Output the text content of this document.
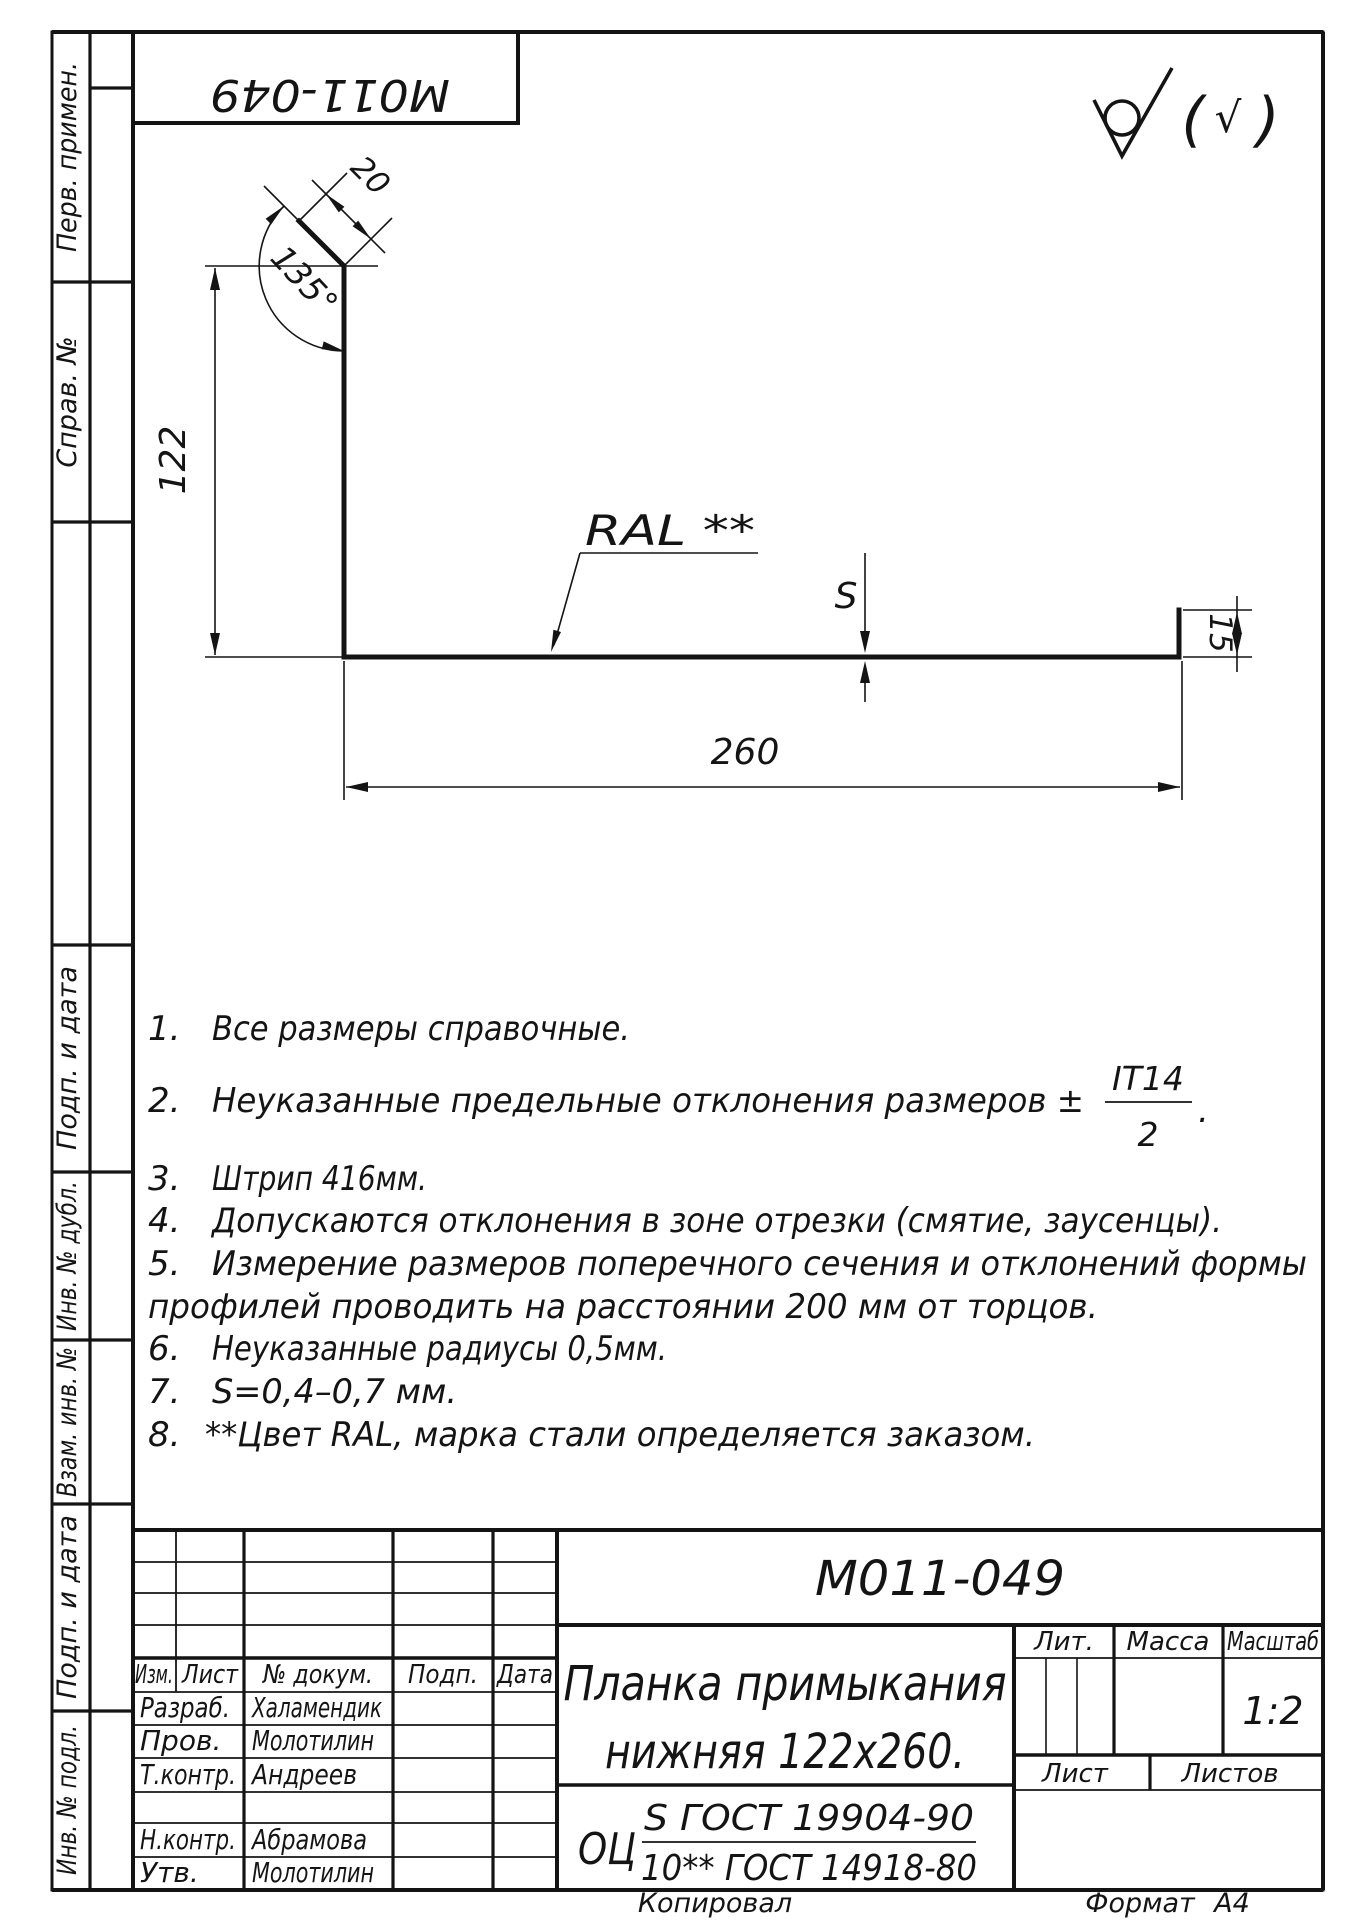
Перв. примен.
Справ. №
Подп. и дата
Инв. № дубл.
Взам. инв. №
Подп. и дата
Инв. № подл.
М011-049	( √ )
122
20
135°
S
15
260
RAL **
1. Все размеры справочные.
2. Неуказанные предельные отклонения размеров ±
IT14
2
.
3. Штрип 416мм.
4. Допускаются отклонения в зоне отрезки (смятие, заусенцы).
5. Измерение размеров поперечного сечения и отклонений формы
профилей проводить на расстоянии 200 мм от торцов.
6. Неуказанные радиусы 0,5мм.
7. S=0,4–0,7 мм.
8. **Цвет RAL, марка стали определяется заказом.
М011-049
Планка примыкания
нижняя 122x260.
Изм. Лист № докум. Подп. Дата
Лит. Масса Масштаб
Лист	Листов
Разраб. Халамендик
Пров. Молотилин
Т.контр. Андреев
Н.контр. Абрамова
Утв. Молотилин
1:2
ОЦ
S ГОСТ 19904-90
10** ГОСТ 14918-80
Копировал	Формат А4
